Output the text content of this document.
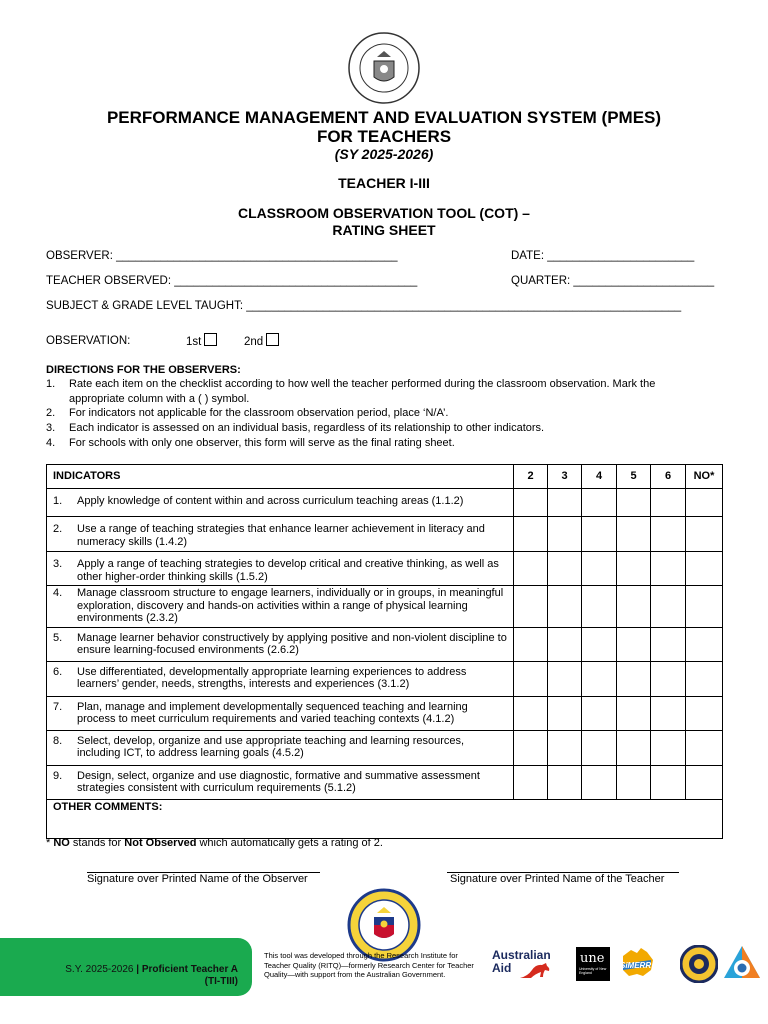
PERFORMANCE MANAGEMENT AND EVALUATION SYSTEM (PMES)
FOR TEACHERS
(SY 2025-2026)
TEACHER I-III
CLASSROOM OBSERVATION TOOL (COT) –
RATING SHEET
OBSERVER: ____________________________________________	DATE: _______________________
TEACHER OBSERVED: ______________________________________	QUARTER: ______________________
SUBJECT & GRADE LEVEL TAUGHT: ____________________________________________________________________
OBSERVATION:	1st	2nd
DIRECTIONS FOR THE OBSERVERS:
1. Rate each item on the checklist according to how well the teacher performed during the classroom observation. Mark the
appropriate column with a ( ) symbol.
2. For indicators not applicable for the classroom observation period, place ‘N/A’.
3. Each indicator is assessed on an individual basis, regardless of its relationship to other indicators.
4. For schools with only one observer, this form will serve as the final rating sheet.
INDICATORS	2	3	4	5	6	NO*

1. Apply knowledge of content within and across curriculum teaching areas (1.1.2)						

2. Use a range of teaching strategies that enhance learner achievement in literacy and numeracy skills (1.4.2)						

3. Apply a range of teaching strategies to develop critical and creative thinking, as well as other higher-order thinking skills (1.5.2)						

4. Manage classroom structure to engage learners, individually or in groups, in meaningful exploration, discovery and hands-on activities within a range of physical learning environments (2.3.2)						

5. Manage learner behavior constructively by applying positive and non-violent discipline to ensure learning-focused environments (2.6.2)						

6. Use differentiated, developmentally appropriate learning experiences to address learners’ gender, needs, strengths, interests and experiences (3.1.2)						

7. Plan, manage and implement developmentally sequenced teaching and learning process to meet curriculum requirements and varied teaching contexts (4.1.2)						

8. Select, develop, organize and use appropriate teaching and learning resources, including ICT, to address learning goals (4.5.2)						

9. Design, select, organize and use diagnostic, formative and summative assessment strategies consistent with curriculum requirements (5.1.2)						

OTHER COMMENTS:						
* NO stands for Not Observed which automatically gets a rating of 2.
Signature over Printed Name of the Observer	Signature over Printed Name of the Teacher
S.Y. 2025-2026 | Proficient Teacher A
(TI-TIII)
This tool was developed through the Research Institute for Teacher Quality (RITQ)—formerly Research Center for Teacher Quality—with support from the Australian Government.
Australian
Aid
une
University of New England
SiMERR
